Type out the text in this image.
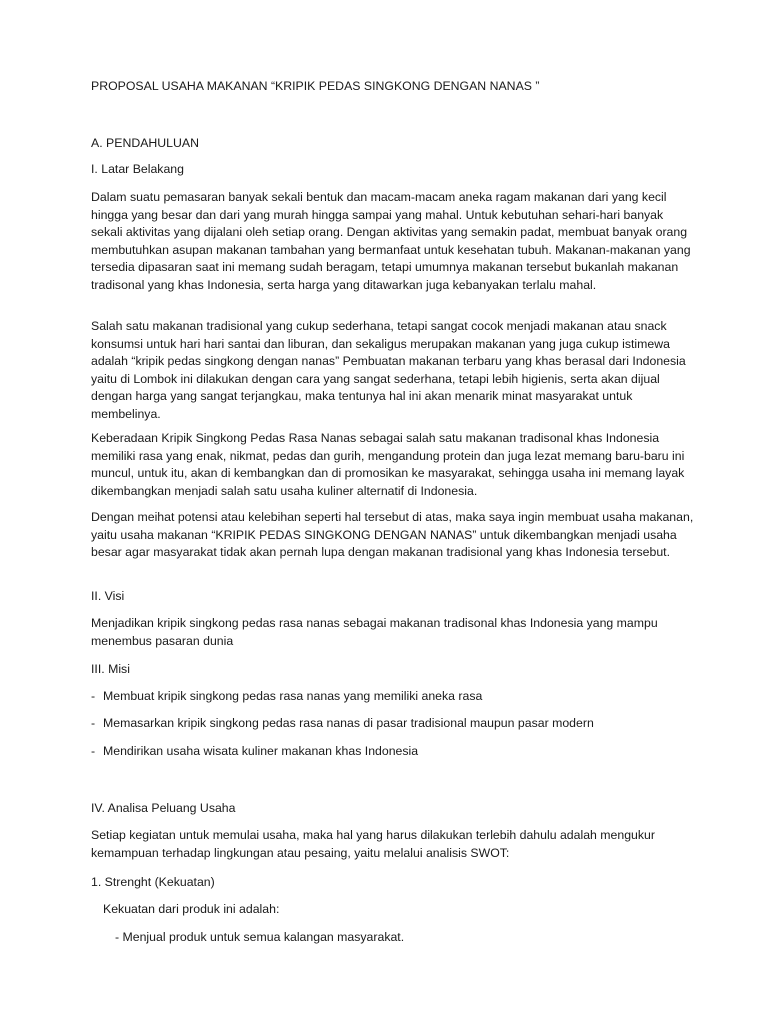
PROPOSAL USAHA MAKANAN “KRIPIK PEDAS SINGKONG DENGAN NANAS ”

A. PENDAHULUAN

I. Latar Belakang

Dalam suatu pemasaran banyak sekali bentuk dan macam-macam aneka ragam makanan dari yang kecil hingga yang besar dan dari yang murah hingga sampai yang mahal. Untuk kebutuhan sehari-hari banyak sekali aktivitas yang dijalani oleh setiap orang. Dengan aktivitas yang semakin padat, membuat banyak orang membutuhkan asupan makanan tambahan yang bermanfaat untuk kesehatan tubuh. Makanan-makanan yang tersedia dipasaran saat ini memang sudah beragam, tetapi umumnya makanan tersebut bukanlah makanan tradisonal yang khas Indonesia, serta harga yang ditawarkan juga kebanyakan terlalu mahal.

Salah satu makanan tradisional yang cukup sederhana, tetapi sangat cocok menjadi makanan atau snack konsumsi untuk hari hari santai dan liburan, dan sekaligus merupakan makanan yang juga cukup istimewa adalah “kripik pedas singkong dengan nanas” Pembuatan makanan terbaru yang khas berasal dari Indonesia yaitu di Lombok ini dilakukan dengan cara yang sangat sederhana, tetapi lebih higienis, serta akan dijual dengan harga yang sangat terjangkau, maka tentunya hal ini akan menarik minat masyarakat untuk membelinya.

Keberadaan Kripik Singkong Pedas Rasa Nanas sebagai salah satu makanan tradisonal khas Indonesia memiliki rasa yang enak, nikmat, pedas dan gurih, mengandung protein dan juga lezat memang baru-baru ini muncul, untuk itu, akan di kembangkan dan di promosikan ke masyarakat, sehingga usaha ini memang layak dikembangkan menjadi salah satu usaha kuliner alternatif di Indonesia.

Dengan meihat potensi atau kelebihan seperti hal tersebut di atas, maka saya ingin membuat usaha makanan, yaitu usaha makanan “KRIPIK PEDAS SINGKONG DENGAN NANAS” untuk dikembangkan menjadi usaha besar agar masyarakat tidak akan pernah lupa dengan makanan tradisional yang khas Indonesia tersebut.

II. Visi

Menjadikan kripik singkong pedas rasa nanas sebagai makanan tradisonal khas Indonesia yang mampu menembus pasaran dunia

III. Misi

- Membuat kripik singkong pedas rasa nanas yang memiliki aneka rasa

- Memasarkan kripik singkong pedas rasa nanas di pasar tradisional maupun pasar modern

- Mendirikan usaha wisata kuliner makanan khas Indonesia

IV. Analisa Peluang Usaha

Setiap kegiatan untuk memulai usaha, maka hal yang harus dilakukan terlebih dahulu adalah mengukur kemampuan terhadap lingkungan atau pesaing, yaitu melalui analisis SWOT:

1. Strenght (Kekuatan)

Kekuatan dari produk ini adalah:

- Menjual produk untuk semua kalangan masyarakat.
